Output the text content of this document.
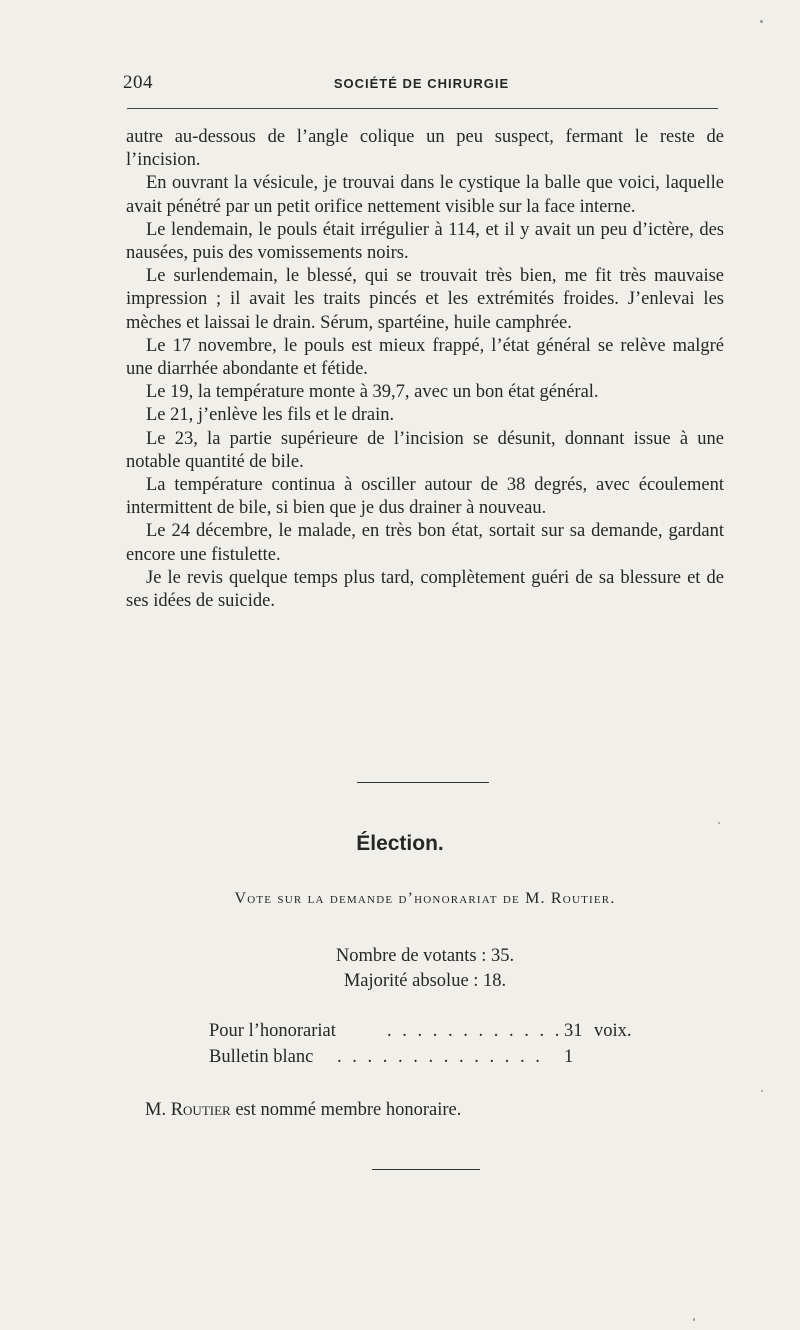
204	SOCIÉTÉ DE CHIRURGIE

autre au-dessous de l’angle colique un peu suspect, fermant le reste de l’incision.

En ouvrant la vésicule, je trouvai dans le cystique la balle que voici, laquelle avait pénétré par un petit orifice nettement visible sur la face interne.

Le lendemain, le pouls était irrégulier à 114, et il y avait un peu d’ictère, des nausées, puis des vomissements noirs.

Le surlendemain, le blessé, qui se trouvait très bien, me fit très mauvaise impression ; il avait les traits pincés et les extrémités froides. J’enlevai les mèches et laissai le drain. Sérum, spartéine, huile camphrée.

Le 17 novembre, le pouls est mieux frappé, l’état général se relève malgré une diarrhée abondante et fétide.

Le 19, la température monte à 39,7, avec un bon état général.

Le 21, j’enlève les fils et le drain.

Le 23, la partie supérieure de l’incision se désunit, donnant issue à une notable quantité de bile.

La température continua à osciller autour de 38 degrés, avec écoulement intermittent de bile, si bien que je dus drainer à nouveau.

Le 24 décembre, le malade, en très bon état, sortait sur sa demande, gardant encore une fistulette.

Je le revis quelque temps plus tard, complètement guéri de sa blessure et de ses idées de suicide.

Élection.
Vote sur la demande d’honorariat de M. Routier.
Nombre de votants : 35.
Majorité absolue : 18.
Pour l’honorariat	. . . . . . . . . . . . 31 voix.
Bulletin blanc . . . . . . . . . . . . . . 1
M. Routier est nommé membre honoraire.
